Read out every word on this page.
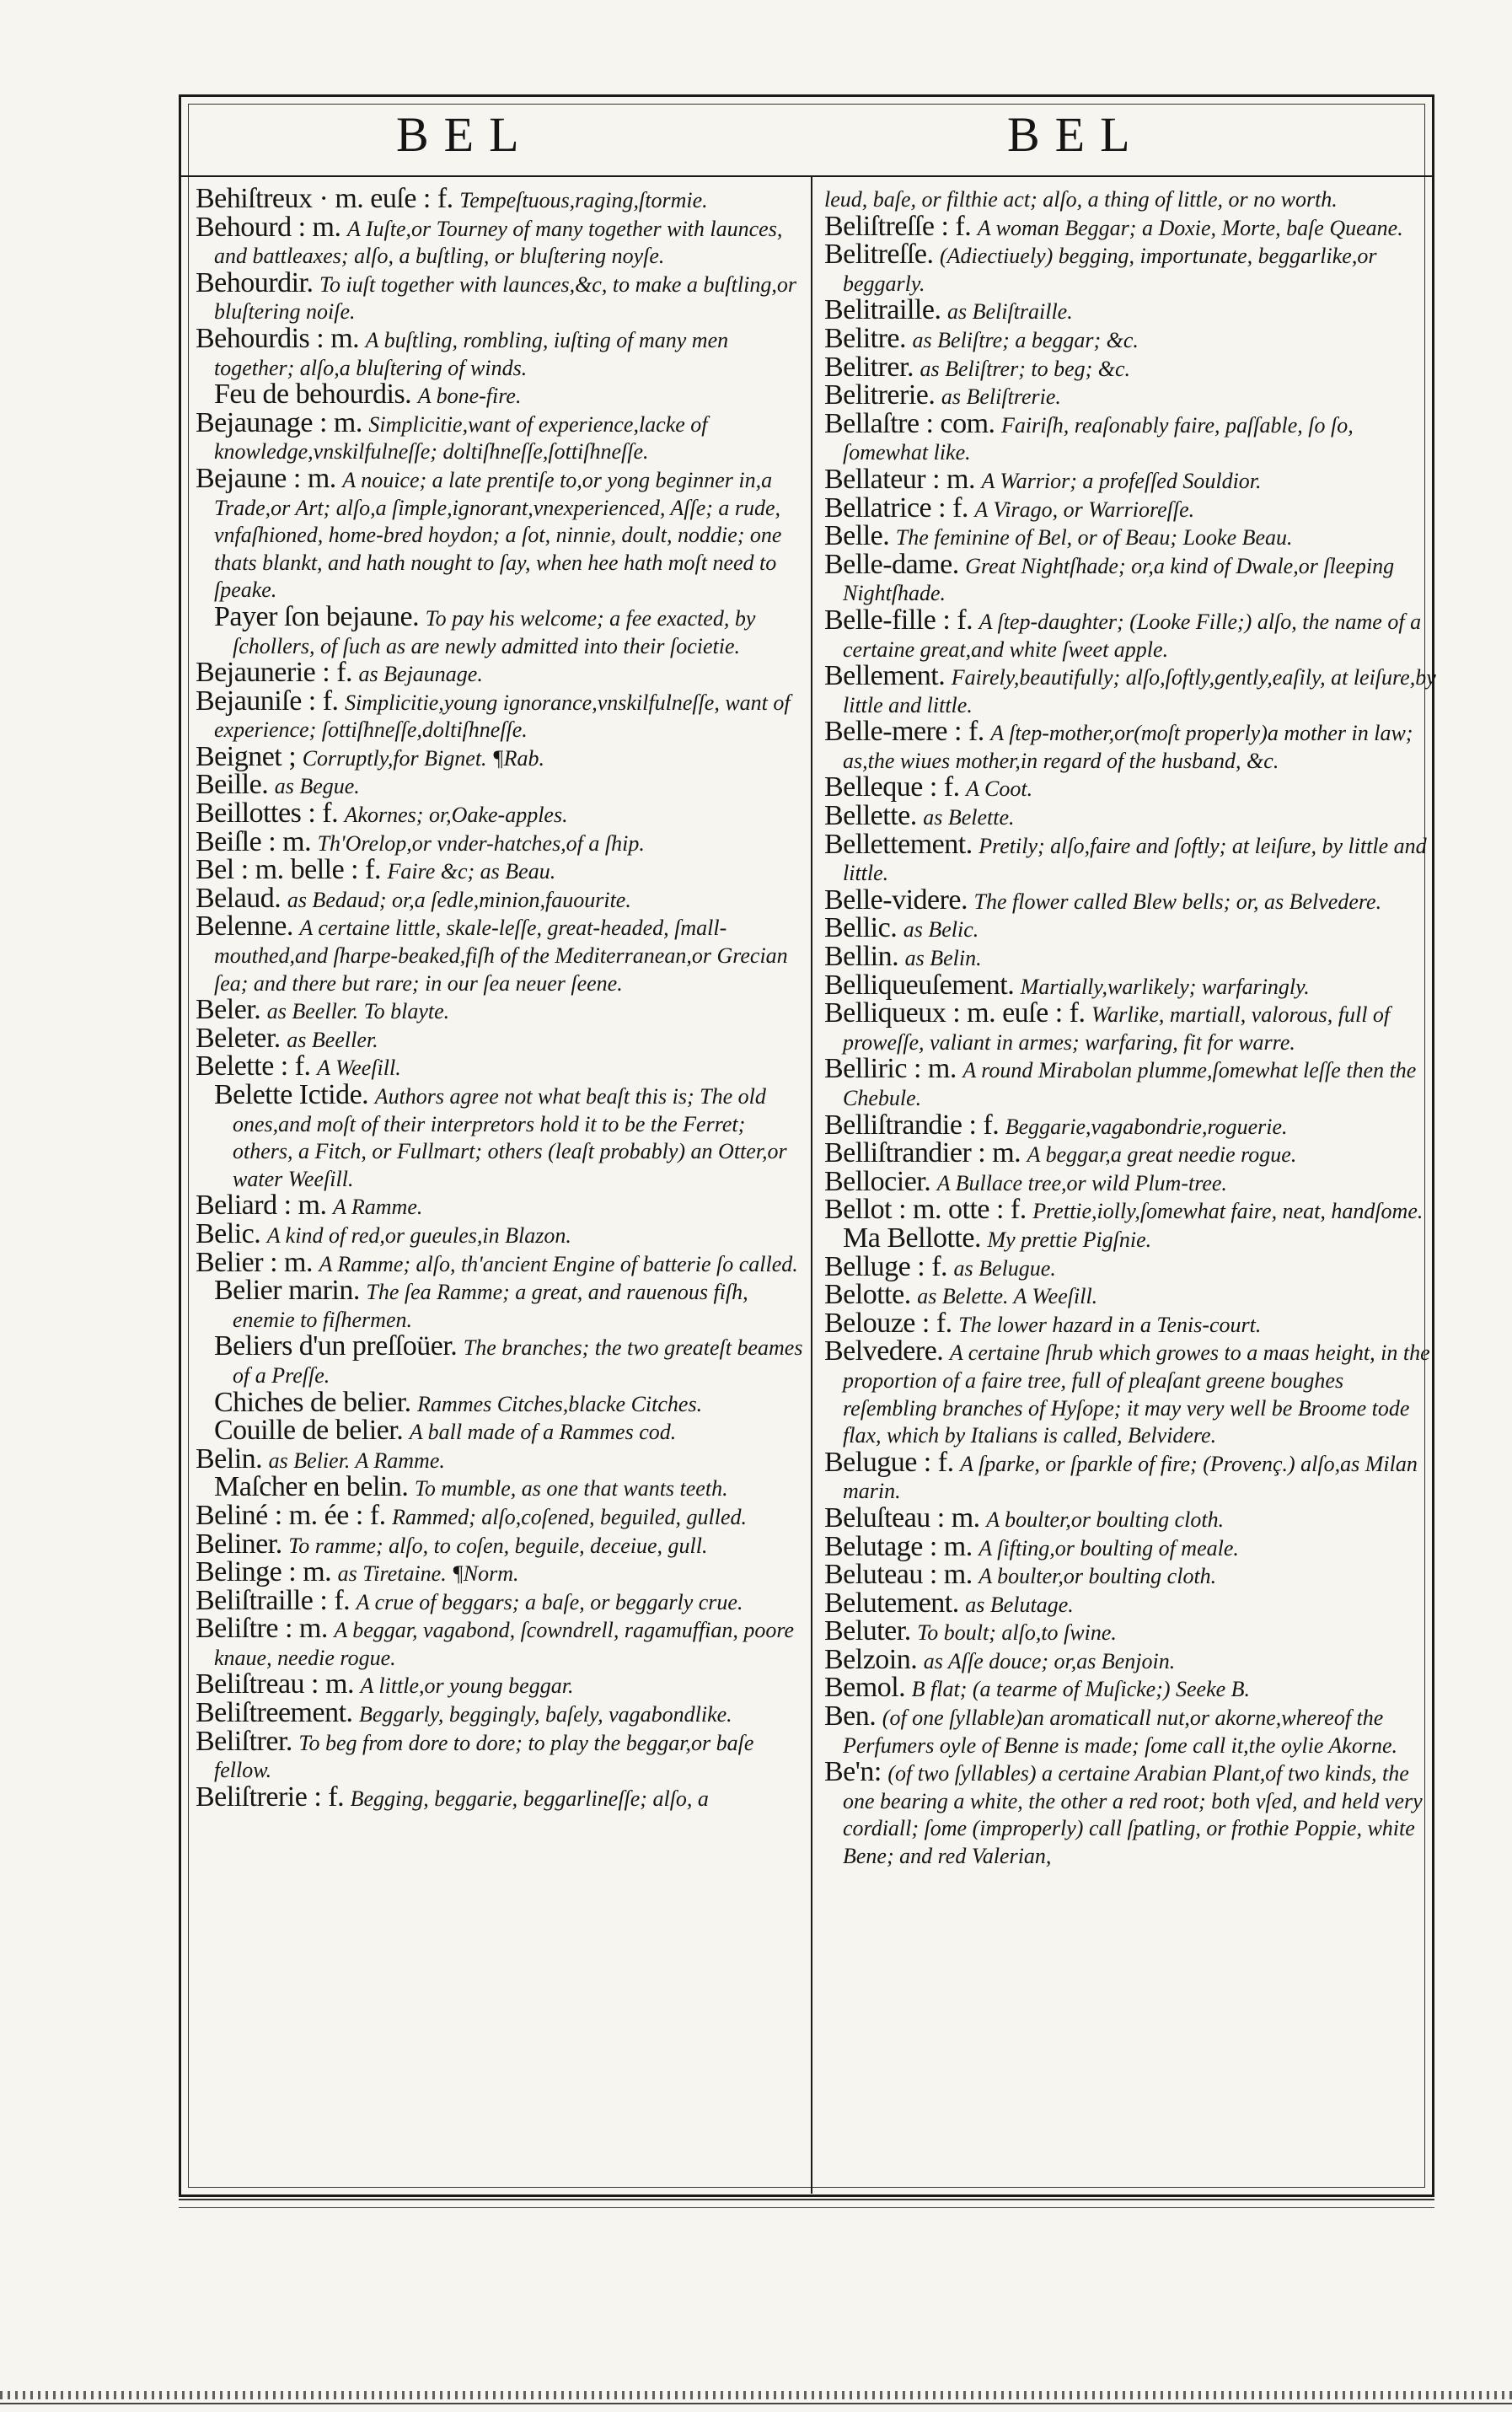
BEL	BEL

Behiſtreux · m. euſe : f. Tempeſtuous,raging,ſtormie.

Behourd : m. A Iuſte,or Tourney of many together with launces, and battleaxes; alſo, a buſtling, or bluſtering noyſe.

Behourdir. To iuſt together with launces,&c, to make a buſtling,or bluſtering noiſe.

Behourdis : m. A buſtling, rombling, iuſting of many men together; alſo,a bluſtering of winds.

Feu de behourdis. A bone-fire.

Bejaunage : m. Simplicitie,want of experience,lacke of knowledge,vnskilfulneſſe; doltiſhneſſe,ſottiſhneſſe.

Bejaune : m. A nouice; a late prentiſe to,or yong beginner in,a Trade,or Art; alſo,a ſimple,ignorant,vnexperienced, Aſſe; a rude, vnfaſhioned, home-bred hoydon; a ſot, ninnie, doult, noddie; one thats blankt, and hath nought to ſay, when hee hath moſt need to ſpeake.

Payer ſon bejaune. To pay his welcome; a fee exacted, by ſchollers, of ſuch as are newly admitted into their ſocietie.

Bejaunerie : f. as Bejaunage.

Bejauniſe : f. Simplicitie,young ignorance,vnskilfulneſſe, want of experience; ſottiſhneſſe,doltiſhneſſe.

Beignet ; Corruptly,for Bignet. ¶Rab.

Beille. as Begue.

Beillottes : f. Akornes; or,Oake-apples.

Beiſle : m. Th'Orelop,or vnder-hatches,of a ſhip.

Bel : m. belle : f. Faire &c; as Beau.

Belaud. as Bedaud; or,a ſedle,minion,fauourite.

Belenne. A certaine little, skale-leſſe, great-headed, ſmall-mouthed,and ſharpe-beaked,fiſh of the Mediterranean,or Grecian ſea; and there but rare; in our ſea neuer ſeene.

Beler. as Beeller. To blayte.

Beleter. as Beeller.

Belette : f. A Weeſill.

Belette Ictide. Authors agree not what beaſt this is; The old ones,and moſt of their interpretors hold it to be the Ferret; others, a Fitch, or Fullmart; others (leaſt probably) an Otter,or water Weeſill.

Beliard : m. A Ramme.

Belic. A kind of red,or gueules,in Blazon.

Belier : m. A Ramme; alſo, th'ancient Engine of batterie ſo called.

Belier marin. The ſea Ramme; a great, and rauenous fiſh, enemie to fiſhermen.

Beliers d'un preſſoüer. The branches; the two greateſt beames of a Preſſe.

Chiches de belier. Rammes Citches,blacke Citches.

Couille de belier. A ball made of a Rammes cod.

Belin. as Belier. A Ramme.

Maſcher en belin. To mumble, as one that wants teeth.

Beliné : m. ée : f. Rammed; alſo,coſened, beguiled, gulled.

Beliner. To ramme; alſo, to coſen, beguile, deceiue, gull.

Belinge : m. as Tiretaine. ¶Norm.

Beliſtraille : f. A crue of beggars; a baſe, or beggarly crue.

Beliſtre : m. A beggar, vagabond, ſcowndrell, ragamuffian, poore knaue, needie rogue.

Beliſtreau : m. A little,or young beggar.

Beliſtreement. Beggarly, beggingly, baſely, vagabondlike.

Beliſtrer. To beg from dore to dore; to play the beggar,or baſe fellow.

Beliſtrerie : f. Begging, beggarie, beggarlineſſe; alſo, a

leud, baſe, or filthie act; alſo, a thing of little, or no worth.

Beliſtreſſe : f. A woman Beggar; a Doxie, Morte, baſe Queane.

Belitreſſe. (Adiectiuely) begging, importunate, beggarlike,or beggarly.

Belitraille. as Beliſtraille.

Belitre. as Beliſtre; a beggar; &c.

Belitrer. as Beliſtrer; to beg; &c.

Belitrerie. as Beliſtrerie.

Bellaſtre : com. Fairiſh, reaſonably faire, paſſable, ſo ſo, ſomewhat like.

Bellateur : m. A Warrior; a profeſſed Souldior.

Bellatrice : f. A Virago, or Warrioreſſe.

Belle. The feminine of Bel, or of Beau; Looke Beau.

Belle-dame. Great Nightſhade; or,a kind of Dwale,or ſleeping Nightſhade.

Belle-fille : f. A ſtep-daughter; (Looke Fille;) alſo, the name of a certaine great,and white ſweet apple.

Bellement. Fairely,beautifully; alſo,ſoftly,gently,eaſily, at leiſure,by little and little.

Belle-mere : f. A ſtep-mother,or(moſt properly)a mother in law; as,the wiues mother,in regard of the husband, &c.

Belleque : f. A Coot.

Bellette. as Belette.

Bellettement. Pretily; alſo,faire and ſoftly; at leiſure, by little and little.

Belle-videre. The flower called Blew bells; or, as Belvedere.

Bellic. as Belic.

Bellin. as Belin.

Belliqueuſement. Martially,warlikely; warfaringly.

Belliqueux : m. euſe : f. Warlike, martiall, valorous, full of proweſſe, valiant in armes; warfaring, fit for warre.

Belliric : m. A round Mirabolan plumme,ſomewhat leſſe then the Chebule.

Belliſtrandie : f. Beggarie,vagabondrie,roguerie.

Belliſtrandier : m. A beggar,a great needie rogue.

Bellocier. A Bullace tree,or wild Plum-tree.

Bellot : m. otte : f. Prettie,iolly,ſomewhat faire, neat, handſome.

Ma Bellotte. My prettie Pigſnie.

Belluge : f. as Belugue.

Belotte. as Belette. A Weeſill.

Belouze : f. The lower hazard in a Tenis-court.

Belvedere. A certaine ſhrub which growes to a maas height, in the proportion of a faire tree, full of pleaſant greene boughes reſembling branches of Hyſope; it may very well be Broome tode flax, which by Italians is called, Belvidere.

Belugue : f. A ſparke, or ſparkle of fire; (Provenç.) alſo,as Milan marin.

Beluſteau : m. A boulter,or boulting cloth.

Belutage : m. A ſifting,or boulting of meale.

Beluteau : m. A boulter,or boulting cloth.

Belutement. as Belutage.

Beluter. To boult; alſo,to ſwine.

Belzoin. as Aſſe douce; or,as Benjoin.

Bemol. B flat; (a tearme of Muſicke;) Seeke B.

Ben. (of one ſyllable)an aromaticall nut,or akorne,whereof the Perfumers oyle of Benne is made; ſome call it,the oylie Akorne.

Be'n: (of two ſyllables) a certaine Arabian Plant,of two kinds, the one bearing a white, the other a red root; both vſed, and held very cordiall; ſome (improperly) call ſpatling, or frothie Poppie, white Bene; and red Valerian,
